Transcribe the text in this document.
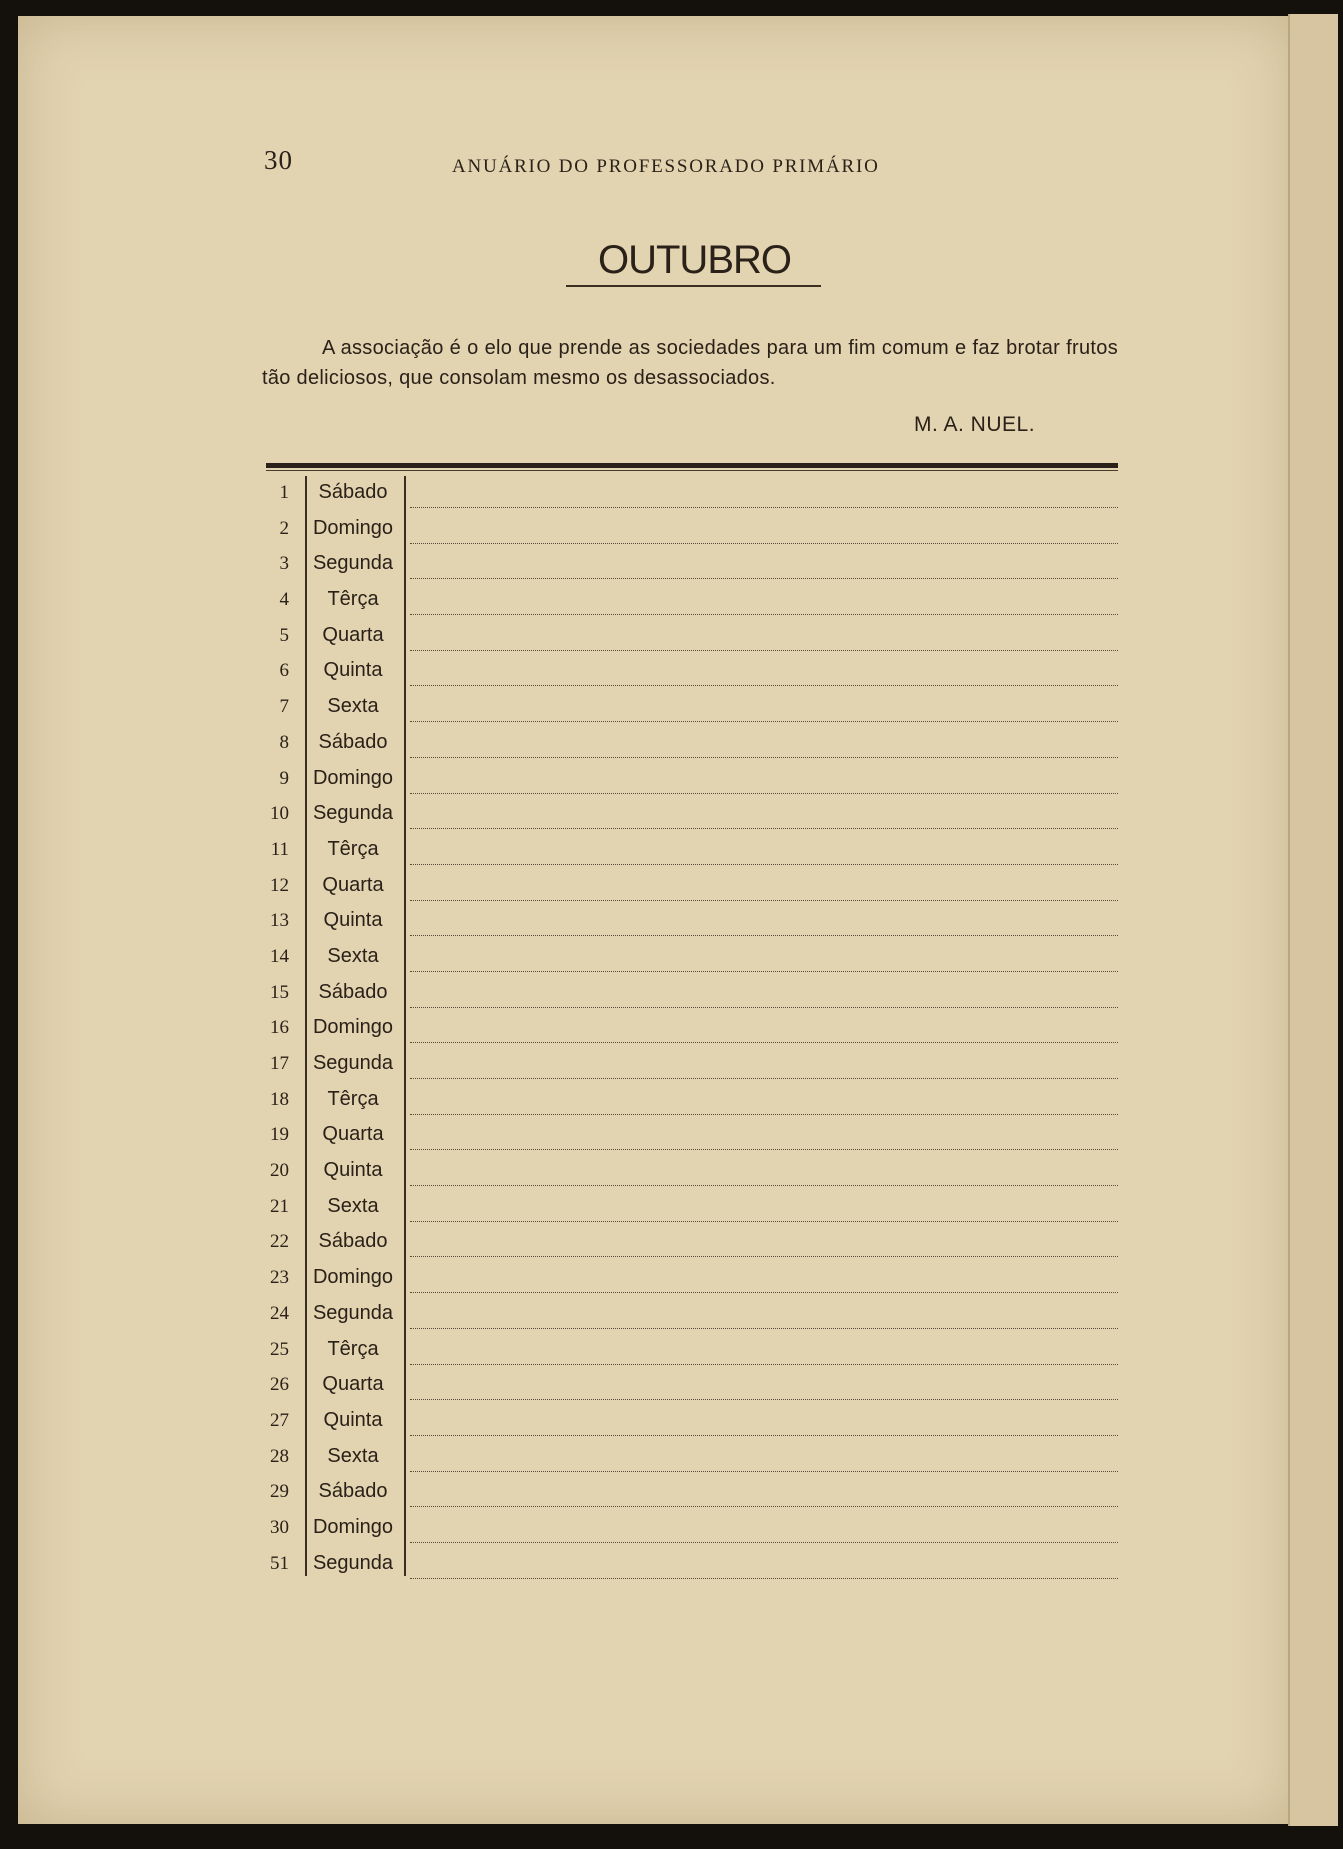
30	ANUÁRIO DO PROFESSORADO PRIMÁRIO
OUTUBRO
A associação é o elo que prende as sociedades para um fim comum e faz brotar frutos tão deliciosos, que consolam mesmo os desassociados.
M. A. NUEL.
1	Sábado
2	Domingo
3	Segunda
4	Têrça
5	Quarta
6	Quinta
7	Sexta
8	Sábado
9	Domingo
10	Segunda
11	Têrça
12	Quarta
13	Quinta
14	Sexta
15	Sábado
16	Domingo
17	Segunda
18	Têrça
19	Quarta
20	Quinta
21	Sexta
22	Sábado
23	Domingo
24	Segunda
25	Têrça
26	Quarta
27	Quinta
28	Sexta
29	Sábado
30	Domingo
51	Segunda
